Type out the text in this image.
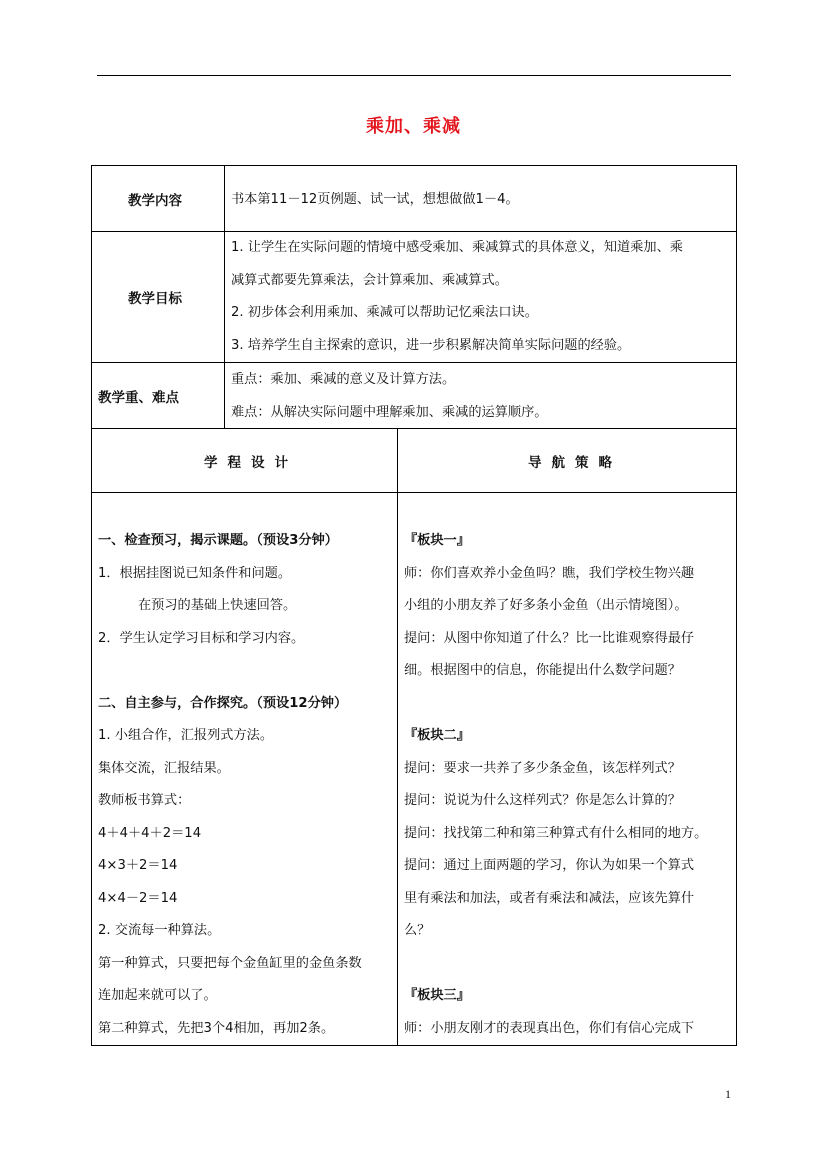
乘加、乘减
教学内容	书本第11－12页例题、试一试，想想做做1－4。
教学目标

1. 让学生在实际问题的情境中感受乘加、乘减算式的具体意义，知道乘加、乘

减算式都要先算乘法，会计算乘加、乘减算式。

2. 初步体会利用乘加、乘减可以帮助记忆乘法口诀。

3. 培养学生自主探索的意识，进一步积累解决简单实际问题的经验。

教学重、难点

重点：乘加、乘减的意义及计算方法。

难点：从解决实际问题中理解乘加、乘减的运算顺序。

学程设计	导航策略

一、检查预习，揭示课题。（预设3分钟）

1．根据挂图说已知条件和问题。

在预习的基础上快速回答。

2．学生认定学习目标和学习内容。

二、自主参与，合作探究。（预设12分钟）

1. 小组合作，汇报列式方法。

集体交流，汇报结果。

教师板书算式：

4＋4＋4＋2＝14

4×3＋2＝14

4×4－2＝14

2. 交流每一种算法。

第一种算式，只要把每个金鱼缸里的金鱼条数

连加起来就可以了。

第二种算式，先把3个4相加，再加2条。

『板块一』

师：你们喜欢养小金鱼吗？瞧，我们学校生物兴趣

小组的小朋友养了好多条小金鱼（出示情境图）。

提问：从图中你知道了什么？比一比谁观察得最仔

细。根据图中的信息，你能提出什么数学问题？

『板块二』

提问：要求一共养了多少条金鱼，该怎样列式？

提问：说说为什么这样列式？你是怎么计算的？

提问：找找第二种和第三种算式有什么相同的地方。

提问：通过上面两题的学习，你认为如果一个算式

里有乘法和加法，或者有乘法和减法，应该先算什

么？

『板块三』

师：小朋友刚才的表现真出色，你们有信心完成下

1
